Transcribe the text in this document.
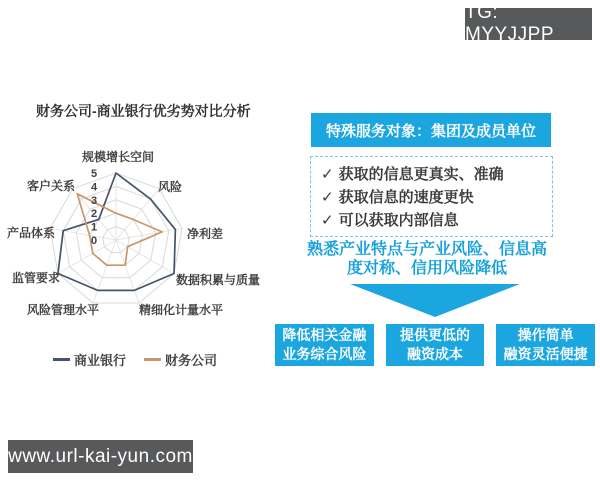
TG: MYYJJPP
财务公司-商业银行优劣势对比分析
0
1
2
3
4
5
规模增长空间
风险
净利差
数据积累与质量
精细化计量水平
风险管理水平
监管要求
产品体系
客户关系
商业银行	财务公司
特殊服务对象：集团及成员单位
✓ 获取的信息更真实、准确
✓ 获取信息的速度更快
✓ 可以获取内部信息
熟悉产业特点与产业风险、信息高
度对称、信用风险降低
降低相关金融
业务综合风险
提供更低的
融资成本
操作简单
融资灵活便捷
www.url-kai-yun.com
